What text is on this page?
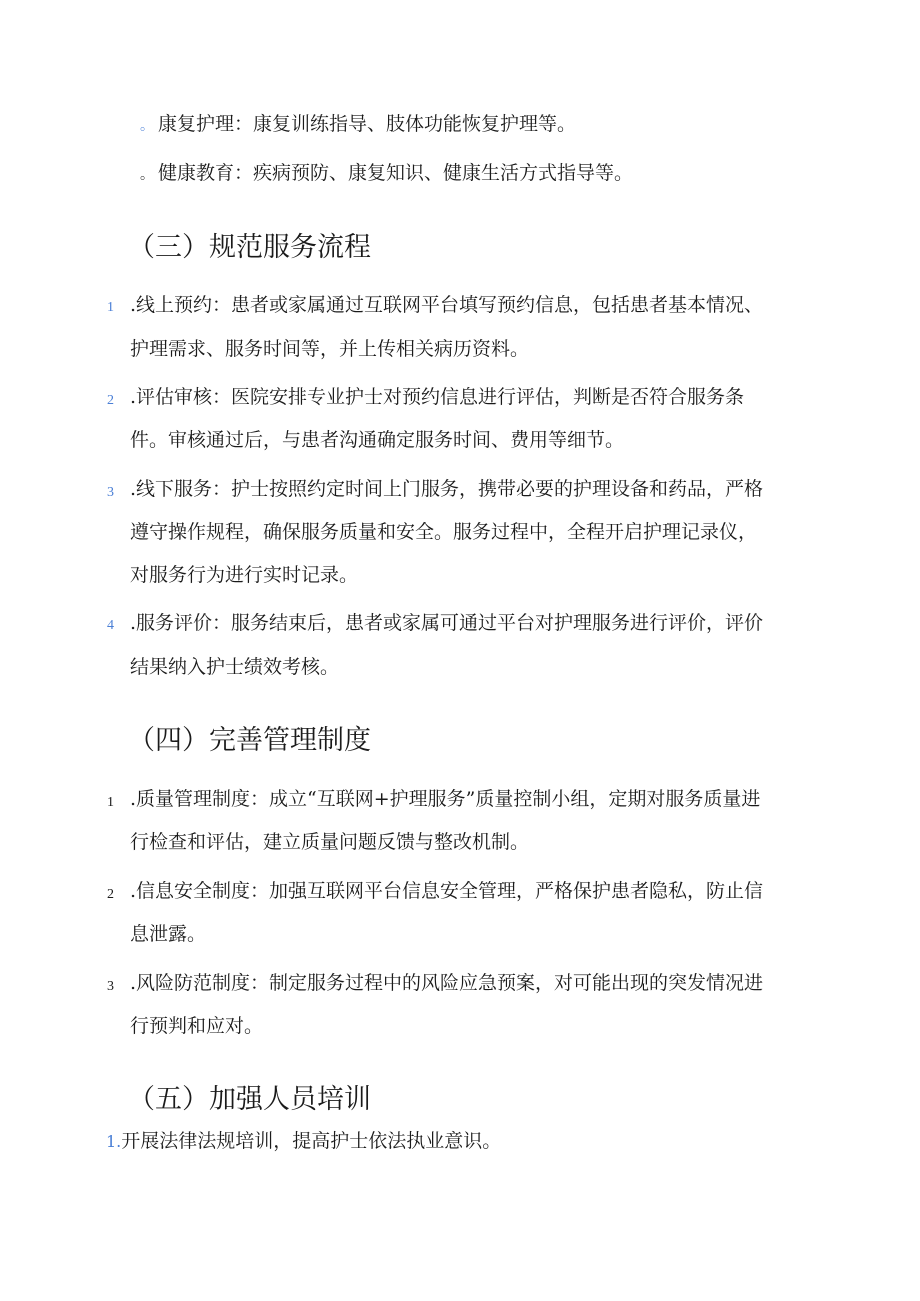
。 康复护理：康复训练指导、肢体功能恢复护理等。
。 健康教育：疾病预防、康复知识、健康生活方式指导等。
（三）规范服务流程
1 .线上预约：患者或家属通过互联网平台填写预约信息，包括患者基本情况、
护理需求、服务时间等，并上传相关病历资料。
2 .评估审核：医院安排专业护士对预约信息进行评估，判断是否符合服务条
件。审核通过后，与患者沟通确定服务时间、费用等细节。
3 .线下服务：护士按照约定时间上门服务，携带必要的护理设备和药品，严格
遵守操作规程，确保服务质量和安全。服务过程中，全程开启护理记录仪，
对服务行为进行实时记录。
4 .服务评价：服务结束后，患者或家属可通过平台对护理服务进行评价，评价
结果纳入护士绩效考核。
（四）完善管理制度
1 .质量管理制度：成立“互联网+护理服务”质量控制小组，定期对服务质量进
行检查和评估，建立质量问题反馈与整改机制。
2 .信息安全制度：加强互联网平台信息安全管理，严格保护患者隐私，防止信
息泄露。
3 .风险防范制度：制定服务过程中的风险应急预案，对可能出现的突发情况进
行预判和应对。
（五）加强人员培训
1.开展法律法规培训，提高护士依法执业意识。
